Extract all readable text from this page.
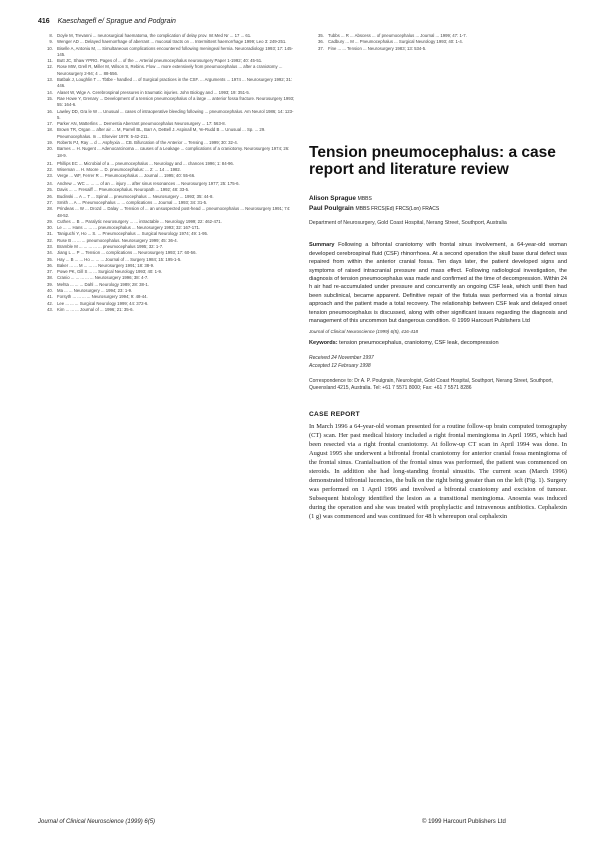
416 Kaeschagefl e/ Sprague and Podgrain
8. Doyle M, Trevanni ... neurosurgical haematoma, the complication of delay prov. Int Med Nr ... 17 ... 61.
9. Wenger AD ... Delayed haemorrhage of aberrant ... mucosal tracts on ... Intermittent haemorrhage 1999; Leo 3: 249-251.
10. Biselle A, Antoniu M, ... Simultaneous complications encountered following meningeal hernia. Neuroradiology 1993; 17: 145-145.
11. Butt JC, Shaw YPRG. Pages of ... of the ... Arterial pneumocephalus neurosurgery Paper 1-1992; 40: 45-51.
12. Rose MW, Grell R, Miller M, Wilson S, Rebins. Flow ... more extensively from pneumocephalus ... after a craniotomy ... Neurosurgery 2-94; 4 ... 88-556.
13. Batbak J, Loughlin T ... Tbtbe - handled ... of Surgical practices in the CSF. ... Arguments ... 1974 ... Neurosurgery 1992; 31: 446.
14. Alaset W, Wige A. Cerebrospinal pressures in traumatic injuries. John Biology and ... 1993; 19: 351-5.
15. Rae Howe Y, Grenary ... Development of a tension pneumocephalus of a large ... anterior fossa fracture. Neurosurgery 1993; 55: 164-6.
16. Lawley DD, Gra le W ... Unusual ... cases of intraoperative bleeding following ... pneumocephalus. Am Neurol 1986; 14: 123-5.
17. Parker AN, Matterlins ... Dementia Aberrant pneumocephalus Neurosurgery ... 17: 563-8.
18. Brown TR, Organ ... after air ... M, Parrell BL, Barr A, DeBell J. Aspinall M, Ye-Rudd B ... Unusual ... Sp. ... 29. Pneumocephalus. In ... Elsevier 1979: 5-42-211.
19. Roberts PJ, Ray ... d ... Asphyxia ... CB. Bifurcation of the Anterior ... Tensing ... 1999; 30: 32-4.
20. Barnes ... H. Nugent ... Adenocarcinoma ... causes of a Leakage ... complications of a craniotomy. Neurosurgery 1974; 26: 18-9.
21. Phillips EC ... Microbial of a ... pneumocephalus ... Neurology and ... chances 1996; 1: 84-96.
22. Wiseman ... H. Moore ... D. pneumocephalus: ... 2: ... 14 ... 1982.
23. Verge ... WF, Ferrer R ... Pneumocephalus ... Journal ... 1995; 40: 55-66.
24. Andrew ... WC ... ... ... of an ... injury ... after sinus resonances ... Neurosurgery 1977; 25: 175-6.
25. Davis ... ... Fresaiff ... Pneumocephalus. Neuropath ... 1992; 48: 33-5.
26. Budinski ... A ... T ... Spinal ... pneumocephalus ... Neurosurgery ... 1993; 35: 44-8.
27. Smith ... A ... Pneumocephalus ... ... complications ... Journal ... 1993; 34: 31-5.
28. Prindeas ... W ... Drozd ... Dalay ... Tension of ... an unsuspected post-head ... pneumocephalus ... Neurosurgery 1991; 74: 48-52.
29. Cuthes ... B ... Paralytic neurosurgery ... ... intractable ... Neurology 1999; 22: 462-471.
30. Le ... ... Hans ... ... ... pneumocephalus ... Neurosurgery 1993; 32: 167-171.
31. Taniguchi Y, Ho ... S. ... Pneumocephalus ... Surgical Neurology 1974; 49: 1-95.
32. Ruse B ... ... ... pneumocephalus. Neurosurgery 1999; 45: 36-4.
33. Bramble M ... ... ... ... ... pneumocephalus 1995; 32: 1-7.
34. Jiang L ... P ... Tension ... complications ... Neurosurgery 1993; 17: 60-56.
35. Hay ... B ... ... Ho ... ... ... Journal of ... Surgery 1984; 15: 195-1-5.
36. Baker ... ... M ... ... ... Neurosurgery 1991; 18: 38-9.
37. Powe PK, Gill S ... ... Surgical Neurology 1993; 40: 1-9.
38. Cranio ... ... ... ... ... Neurosurgery 1996; 38: 4-7.
39. Mehta ... ... ... Dahl ... Neurology 1989; 28: 38-1.
40. Ma ... ... Neurosurgery ... 1994; 23: 1-9.
41. Forsyth ... ... ... ... Neurosurgery 1994; 9: 48-44.
42. Lee ... ... ... Surgical Neurology 1999; 44: 372-6.
43. Kim ... ... ... Journal of ... 1996; 21: 35-6.
35. Tubbs ... R ... Abscess ... of pneumocephalus ... Journal ... 1999; 47: 1-7.
36. Cadbury ... M ... Pneumocephalus ... Surgical Neurology 1993; 40: 1-4.
37. Fine ... ... Tension ... Neurosurgery 1983; 13: 534-5.
Tension pneumocephalus: a case report and literature review
Alison Sprague MBBS
Paul Poulgrain MBBS FRCS(Ed) FRCS(Lon) FRACS
Department of Neurosurgery, Gold Coast Hospital, Nerang Street, Southport, Australia
Summary Following a bifrontal craniotomy with frontal sinus involvement, a 64-year-old woman developed cerebrospinal fluid (CSF) rhinorrhoea. At a second operation the skull base dural defect was repaired from within the anterior cranial fossa. Ten days later, the patient developed signs and symptoms of raised intracranial pressure and mass effect. Following radiological investigation, the diagnosis of tension pneumocephalus was made and confirmed at the time of decompression. Within 24 h air had re-accumulated under pressure and concurrently an ongoing CSF leak, which until then had been subclinical, became apparent. Definitive repair of the fistula was performed via a frontal sinus approach and the patient made a total recovery. The relationship between CSF leak and delayed onset tension pneumocephalus is discussed, along with other significant issues regarding the diagnosis and management of this uncommon but dangerous condition. © 1999 Harcourt Publishers Ltd
Journal of Clinical Neuroscience (1999) 6(5), 416-418
Keywords: tension pneumocephalus, craniotomy, CSF leak, decompression
Received 24 November 1997
Accepted 12 February 1998
Correspondence to: Dr A. P. Poulgrain, Neurologist, Gold Coast Hospital, Southport, Nerang Street, Southport, Queensland 4215, Australia. Tel: +61 7 5571 8000; Fax: +61 7 5571 8286
CASE REPORT
In March 1996 a 64-year-old woman presented for a routine follow-up brain computed tomography (CT) scan. Her past medical history included a right frontal meningioma in April 1995, which had been resected via a right frontal craniotomy. At follow-up CT scan in April 1994 was done. In August 1995 she underwent a bifrontal frontal craniotomy for anterior cranial fossa meningioma of the frontal sinus. Cranialisation of the frontal sinus was performed, the patient was commenced on steroids. In addition she had long-standing frontal sinusitis. The current scan (March 1996) demonstrated bifrontal lucencies, the bulk on the right being greater than on the left (Fig. 1). Surgery was performed on 1 April 1996 and involved a bifrontal craniotomy and excision of tumour. Subsequent histology identified the lesion as a transitional meningioma. Anosmia was induced during the operation and she was treated with prophylactic and intravenous antibiotics. Cephalexin (1 g) was commenced and was continued for 48 h whereupon oral cephalexin
Journal of Clinical Neuroscience (1999) 6(5)	© 1999 Harcourt Publishers Ltd
